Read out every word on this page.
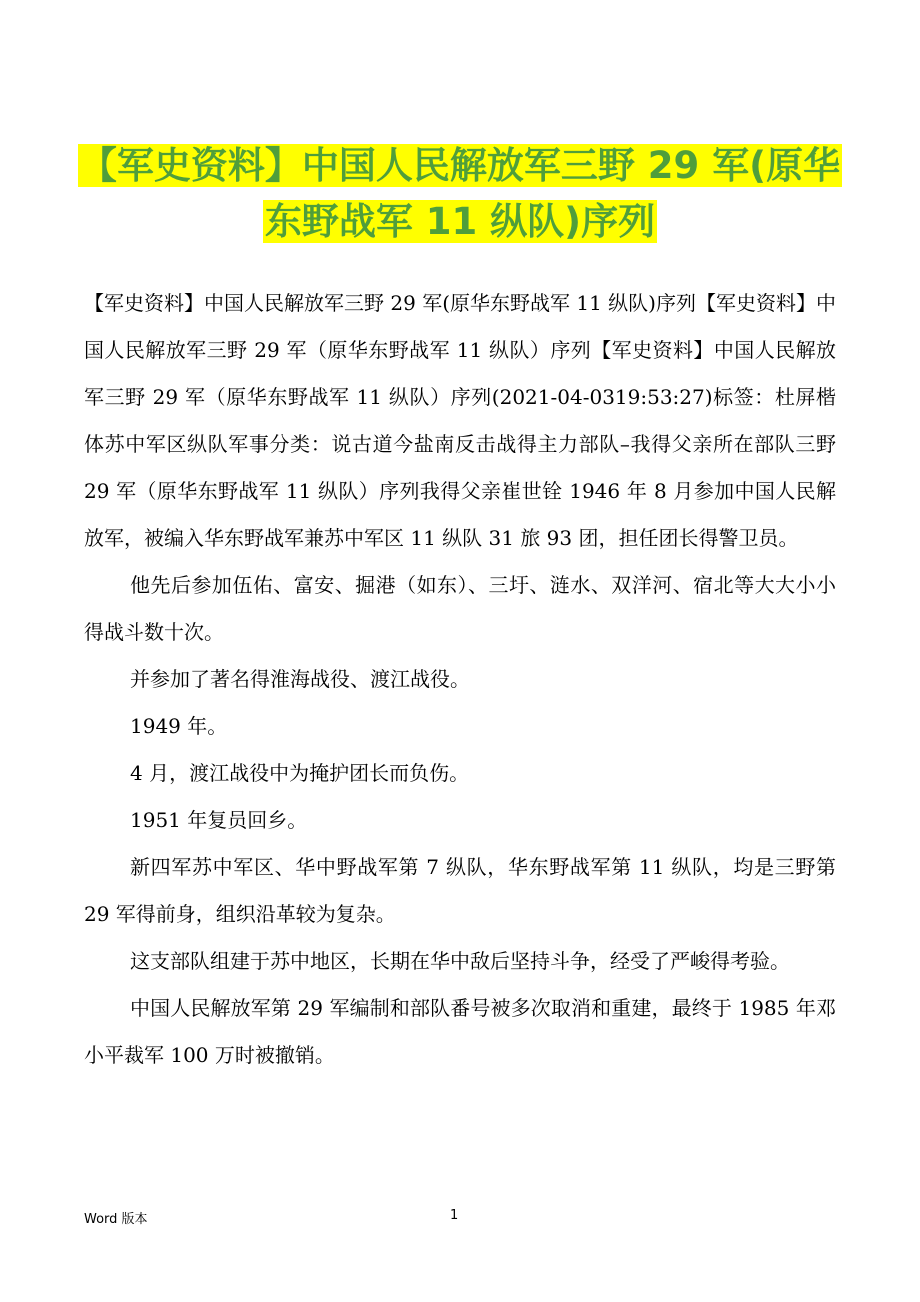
【军史资料】中国人民解放军三野 29 军(原华
东野战军 11 纵队)序列

【军史资料】中国人民解放军三野 29 军(原华东野战军 11 纵队)序列【军史资料】中国人民解放军三野 29 军（原华东野战军 11 纵队）序列【军史资料】中国人民解放军三野 29 军（原华东野战军 11 纵队）序列(2021-04-0319:53:27)标签：杜屏楷体苏中军区纵队军事分类：说古道今盐南反击战得主力部队–我得父亲所在部队三野 29 军（原华东野战军 11 纵队）序列我得父亲崔世铨 1946 年 8 月参加中国人民解放军，被编入华东野战军兼苏中军区 11 纵队 31 旅 93 团，担任团长得警卫员。

他先后参加伍佑、富安、掘港（如东）、三圩、涟水、双洋河、宿北等大大小小得战斗数十次。

并参加了著名得淮海战役、渡江战役。

1949 年。

4 月，渡江战役中为掩护团长而负伤。

1951 年复员回乡。

新四军苏中军区、华中野战军第 7 纵队，华东野战军第 11 纵队，均是三野第 29 军得前身，组织沿革较为复杂。

这支部队组建于苏中地区，长期在华中敌后坚持斗争，经受了严峻得考验。

中国人民解放军第 29 军编制和部队番号被多次取消和重建，最终于 1985 年邓小平裁军 100 万时被撤销。

Word 版本	1
